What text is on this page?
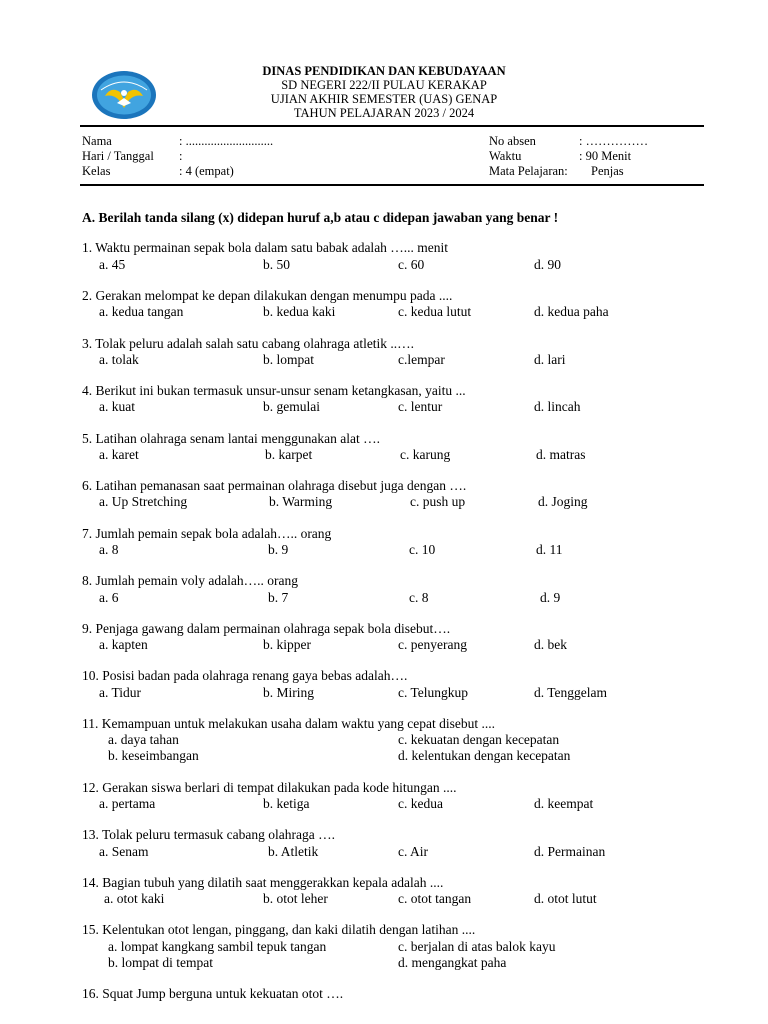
DINAS PENDIDIKAN DAN KEBUDAYAAN
SD NEGERI 222/II PULAU KERAKAP
UJIAN AKHIR SEMESTER (UAS) GENAP
TAHUN PELAJARAN 2023 / 2024
Nama	: ............................
Hari / Tanggal :
Kelas	: 4 (empat)
No absen	: ……………
Waktu	: 90 Menit
Mata Pelajaran: Penjas
A. Berilah tanda silang (x) didepan huruf a,b atau c didepan jawaban yang benar !
1. Waktu permainan sepak bola dalam satu babak adalah …... menit
a. 45	b. 50	c. 60	d. 90
2. Gerakan melompat ke depan dilakukan dengan menumpu pada ....
a. kedua tangan	b. kedua kaki	c. kedua lutut	d. kedua paha
3. Tolak peluru adalah salah satu cabang olahraga atletik ..….
a. tolak	b. lompat	c.lempar	d. lari
4. Berikut ini bukan termasuk unsur-unsur senam ketangkasan, yaitu ...
a. kuat	b. gemulai	c. lentur	d. lincah
5. Latihan olahraga senam lantai menggunakan alat ….
a. karet	b. karpet	c. karung	d. matras
6. Latihan pemanasan saat permainan olahraga disebut juga dengan ….
a. Up Stretching	b. Warming	c. push up	d. Joging
7. Jumlah pemain sepak bola adalah….. orang
a. 8	b. 9	c. 10	d. 11
8. Jumlah pemain voly adalah….. orang
a. 6	b. 7	c. 8	d. 9
9. Penjaga gawang dalam permainan olahraga sepak bola disebut….
a. kapten	b. kipper	c. penyerang	d. bek
10. Posisi badan pada olahraga renang gaya bebas adalah….
a. Tidur	b. Miring	c. Telungkup	d. Tenggelam
11. Kemampuan untuk melakukan usaha dalam waktu yang cepat disebut ....
a. daya tahan	c. kekuatan dengan kecepatan
b. keseimbangan	d. kelentukan dengan kecepatan
12. Gerakan siswa berlari di tempat dilakukan pada kode hitungan ....
a. pertama	b. ketiga	c. kedua	d. keempat
13. Tolak peluru termasuk cabang olahraga ….
a. Senam	b. Atletik	c. Air	d. Permainan
14. Bagian tubuh yang dilatih saat menggerakkan kepala adalah ....
a. otot kaki	b. otot leher	c. otot tangan	d. otot lutut
15. Kelentukan otot lengan, pinggang, dan kaki dilatih dengan latihan ....
a. lompat kangkang sambil tepuk tangan	c. berjalan di atas balok kayu
b. lompat di tempat	d. mengangkat paha
16. Squat Jump berguna untuk kekuatan otot ….
